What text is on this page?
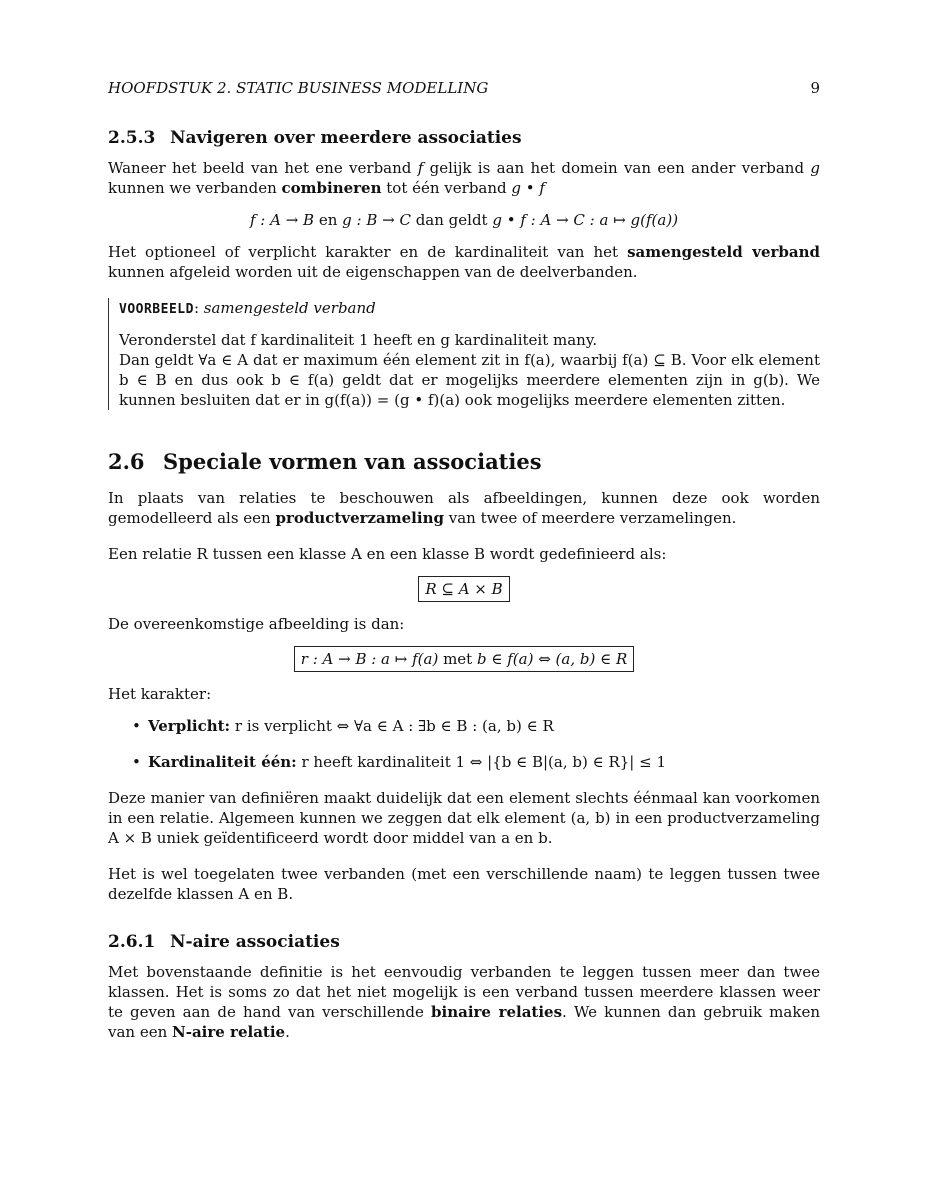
HOOFDSTUK 2. STATIC BUSINESS MODELLING	9
2.5.3 Navigeren over meerdere associaties

Waneer het beeld van het ene verband f gelijk is aan het domein van een ander verband g kunnen we verbanden combineren tot één verband g • f

f : A → B en g : B → C dan geldt g • f : A → C : a ↦ g(f(a))

Het optioneel of verplicht karakter en de kardinaliteit van het samengesteld verband kunnen afgeleid worden uit de eigenschappen van de deelverbanden.

VOORBEELD: samengesteld verband

Veronderstel dat f kardinaliteit 1 heeft en g kardinaliteit many.

Dan geldt ∀a ∈ A dat er maximum één element zit in f(a), waarbij f(a) ⊆ B. Voor elk element b ∈ B en dus ook b ∈ f(a) geldt dat er mogelijks meerdere elementen zijn in g(b). We kunnen besluiten dat er in g(f(a)) = (g • f)(a) ook mogelijks meerdere elementen zitten.

2.6 Speciale vormen van associaties

In plaats van relaties te beschouwen als afbeeldingen, kunnen deze ook worden gemodelleerd als een productverzameling van twee of meerdere verzamelingen.

Een relatie R tussen een klasse A en een klasse B wordt gedefinieerd als:

R ⊆ A × B

De overeenkomstige afbeelding is dan:

r : A → B : a ↦ f(a) met b ∈ f(a) ⇔ (a, b) ∈ R

Het karakter:

• Verplicht: r is verplicht ⇔ ∀a ∈ A : ∃b ∈ B : (a, b) ∈ R
• Kardinaliteit één: r heeft kardinaliteit 1 ⇔ |{b ∈ B|(a, b) ∈ R}| ≤ 1

Deze manier van definiëren maakt duidelijk dat een element slechts éénmaal kan voorkomen in een relatie. Algemeen kunnen we zeggen dat elk element (a, b) in een productverzameling A × B uniek geïdentificeerd wordt door middel van a en b.

Het is wel toegelaten twee verbanden (met een verschillende naam) te leggen tussen twee dezelfde klassen A en B.

2.6.1 N-aire associaties

Met bovenstaande definitie is het eenvoudig verbanden te leggen tussen meer dan twee klassen. Het is soms zo dat het niet mogelijk is een verband tussen meerdere klassen weer te geven aan de hand van verschillende binaire relaties. We kunnen dan gebruik maken van een N-aire relatie.
